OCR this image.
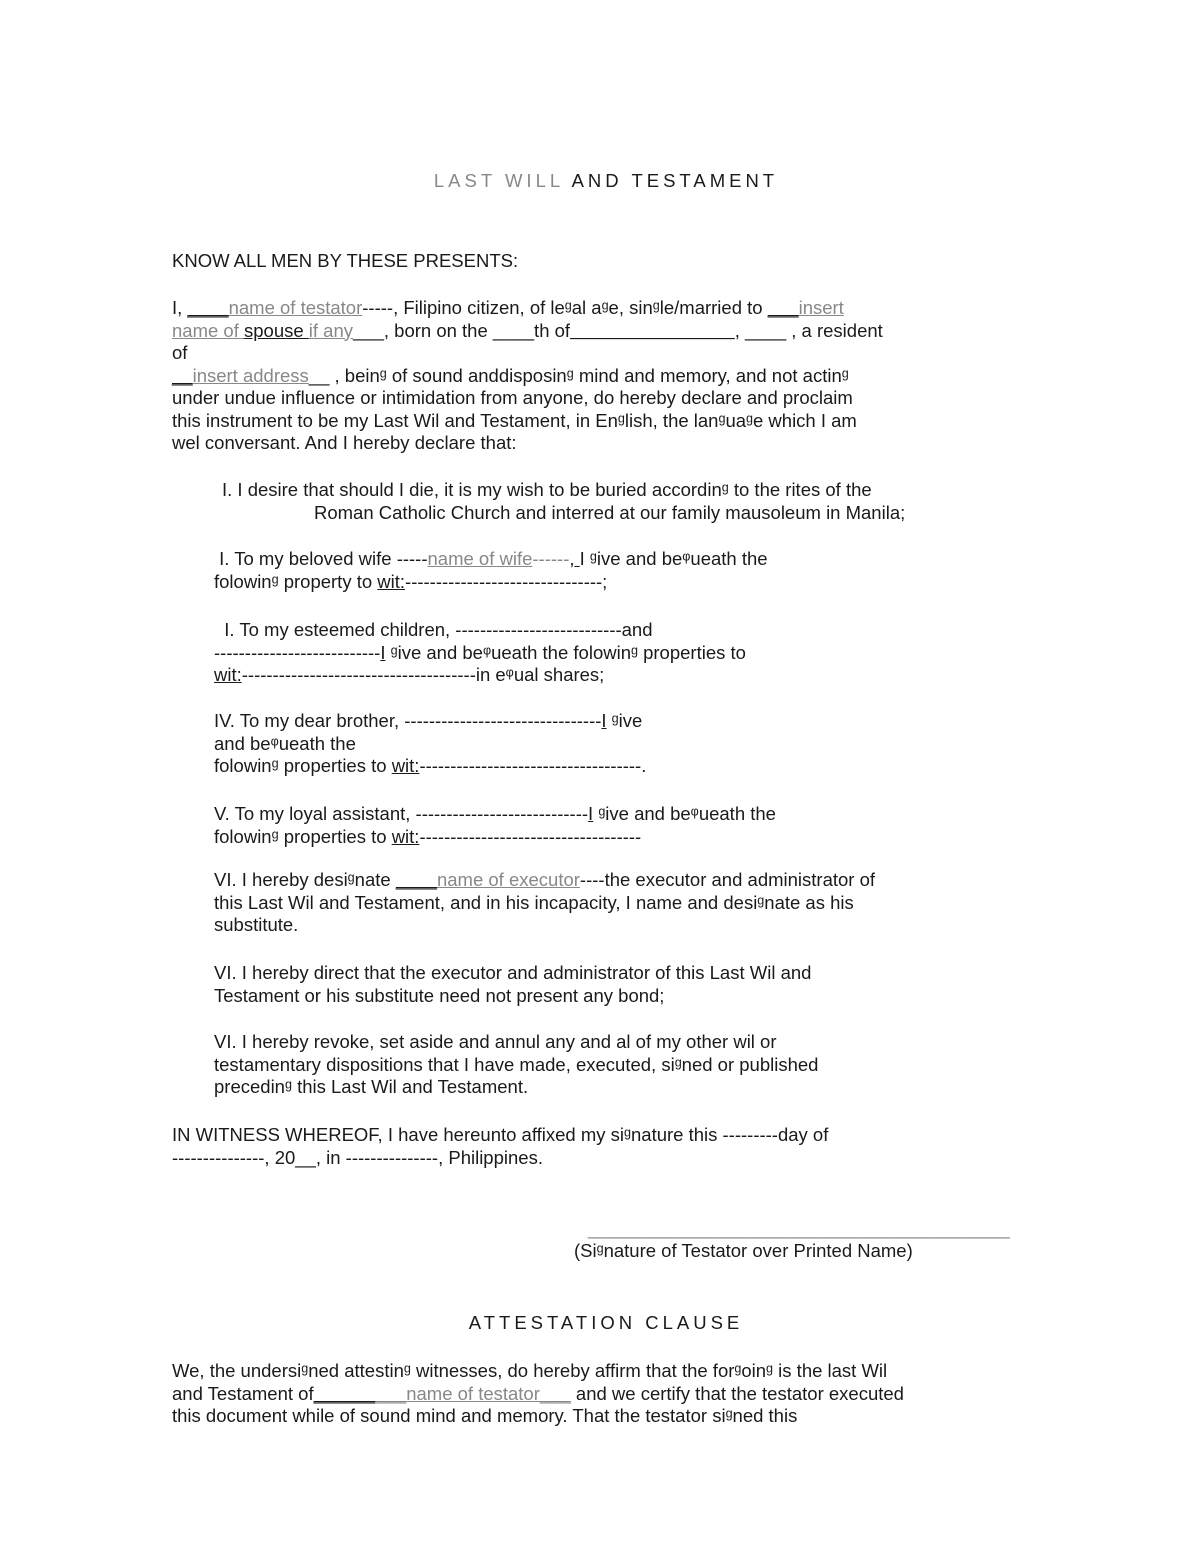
LAST WILL AND TESTAMENT
KNOW ALL MEN BY THESE PRESENTS:
I, ____name of testator-----, Filipino citizen, of leᵍal aᵍe, sinᵍle/married to ___insert
name of spouse if any___, born on the ____th of________________, ____ , a resident
of
__insert address__ , beinᵍ of sound anddisposinᵍ mind and memory, and not actinᵍ
under undue influence or intimidation from anyone, do hereby declare and proclaim
this instrument to be my Last Wil and Testament, in Enᵍlish, the lanᵍuaᵍe which I am
wel conversant. And I hereby declare that:
I. I desire that should I die, it is my wish to be buried accordinᵍ to the rites of the
Roman Catholic Church and interred at our family mausoleum in Manila;
I. To my beloved wife -----name of wife------, I ᵍive and beᵠueath the
folowinᵍ property to wit:--------------------------------;
I. To my esteemed children, ---------------------------and
---------------------------I ᵍive and beᵠueath the folowinᵍ properties to
wit:--------------------------------------in eᵠual shares;
IV. To my dear brother, --------------------------------I ᵍive
and beᵠueath the
folowinᵍ properties to wit:------------------------------------.
V. To my loyal assistant, ----------------------------I ᵍive and beᵠueath the
folowinᵍ properties to wit:------------------------------------
VI. I hereby desiᵍnate ____name of executor----the executor and administrator of
this Last Wil and Testament, and in his incapacity, I name and desiᵍnate as his
substitute.
VI. I hereby direct that the executor and administrator of this Last Wil and
Testament or his substitute need not present any bond;
VI. I hereby revoke, set aside and annul any and al of my other wil or
testamentary dispositions that I have made, executed, siᵍned or published
precedinᵍ this Last Wil and Testament.
IN WITNESS WHEREOF, I have hereunto affixed my siᵍnature this ---------day of
---------------, 20__, in ---------------, Philippines.
_________________________________________
(Siᵍnature of Testator over Printed Name)
ATTESTATION CLAUSE
We, the undersiᵍned attestinᵍ witnesses, do hereby affirm that the forᵍoinᵍ is the last Wil
and Testament of_________name of testator___ and we certify that the testator executed
this document while of sound mind and memory. That the testator siᵍned this
